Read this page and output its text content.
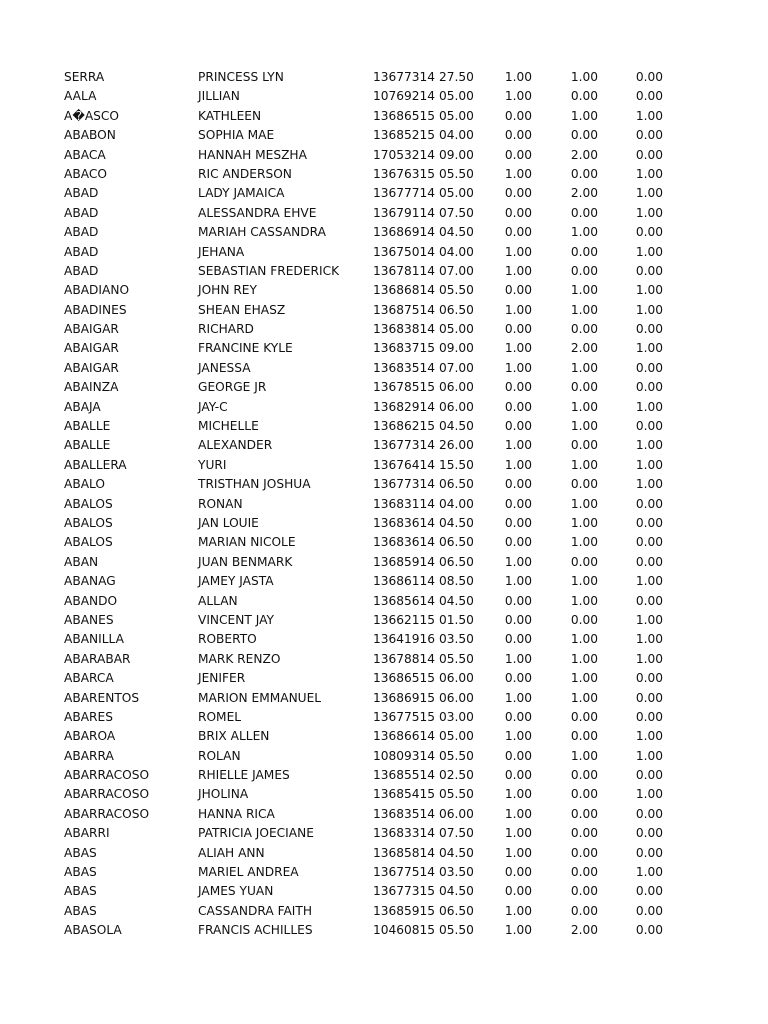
SERRA	PRINCESS LYN	13677314 27.50	1.00	1.00	0.00
AALA	JILLIAN	10769214 05.00	1.00	0.00	0.00
A�ASCO	KATHLEEN	13686515 05.00	0.00	1.00	1.00
ABABON	SOPHIA MAE	13685215 04.00	0.00	0.00	0.00
ABACA	HANNAH MESZHA	17053214 09.00	0.00	2.00	0.00
ABACO	RIC ANDERSON	13676315 05.50	1.00	0.00	1.00
ABAD	LADY JAMAICA	13677714 05.00	0.00	2.00	1.00
ABAD	ALESSANDRA EHVE	13679114 07.50	0.00	0.00	1.00
ABAD	MARIAH CASSANDRA	13686914 04.50	0.00	1.00	0.00
ABAD	JEHANA	13675014 04.00	1.00	0.00	1.00
ABAD	SEBASTIAN FREDERICK	13678114 07.00	1.00	0.00	0.00
ABADIANO	JOHN REY	13686814 05.50	0.00	1.00	1.00
ABADINES	SHEAN EHASZ	13687514 06.50	1.00	1.00	1.00
ABAIGAR	RICHARD	13683814 05.00	0.00	0.00	0.00
ABAIGAR	FRANCINE KYLE	13683715 09.00	1.00	2.00	1.00
ABAIGAR	JANESSA	13683514 07.00	1.00	1.00	0.00
ABAINZA	GEORGE JR	13678515 06.00	0.00	0.00	0.00
ABAJA	JAY-C	13682914 06.00	0.00	1.00	1.00
ABALLE	MICHELLE	13686215 04.50	0.00	1.00	0.00
ABALLE	ALEXANDER	13677314 26.00	1.00	0.00	1.00
ABALLERA	YURI	13676414 15.50	1.00	1.00	1.00
ABALO	TRISTHAN JOSHUA	13677314 06.50	0.00	0.00	1.00
ABALOS	RONAN	13683114 04.00	0.00	1.00	0.00
ABALOS	JAN LOUIE	13683614 04.50	0.00	1.00	0.00
ABALOS	MARIAN NICOLE	13683614 06.50	0.00	1.00	0.00
ABAN	JUAN BENMARK	13685914 06.50	1.00	0.00	0.00
ABANAG	JAMEY JASTA	13686114 08.50	1.00	1.00	1.00
ABANDO	ALLAN	13685614 04.50	0.00	1.00	0.00
ABANES	VINCENT JAY	13662115 01.50	0.00	0.00	1.00
ABANILLA	ROBERTO	13641916 03.50	0.00	1.00	1.00
ABARABAR	MARK RENZO	13678814 05.50	1.00	1.00	1.00
ABARCA	JENIFER	13686515 06.00	0.00	1.00	0.00
ABARENTOS	MARION EMMANUEL	13686915 06.00	1.00	1.00	0.00
ABARES	ROMEL	13677515 03.00	0.00	0.00	0.00
ABAROA	BRIX ALLEN	13686614 05.00	1.00	0.00	1.00
ABARRA	ROLAN	10809314 05.50	0.00	1.00	1.00
ABARRACOSO	RHIELLE JAMES	13685514 02.50	0.00	0.00	0.00
ABARRACOSO	JHOLINA	13685415 05.50	1.00	0.00	1.00
ABARRACOSO	HANNA RICA	13683514 06.00	1.00	0.00	0.00
ABARRI	PATRICIA JOECIANE	13683314 07.50	1.00	0.00	0.00
ABAS	ALIAH ANN	13685814 04.50	1.00	0.00	0.00
ABAS	MARIEL ANDREA	13677514 03.50	0.00	0.00	1.00
ABAS	JAMES YUAN	13677315 04.50	0.00	0.00	0.00
ABAS	CASSANDRA FAITH	13685915 06.50	1.00	0.00	0.00
ABASOLA	FRANCIS ACHILLES	10460815 05.50	1.00	2.00	0.00
